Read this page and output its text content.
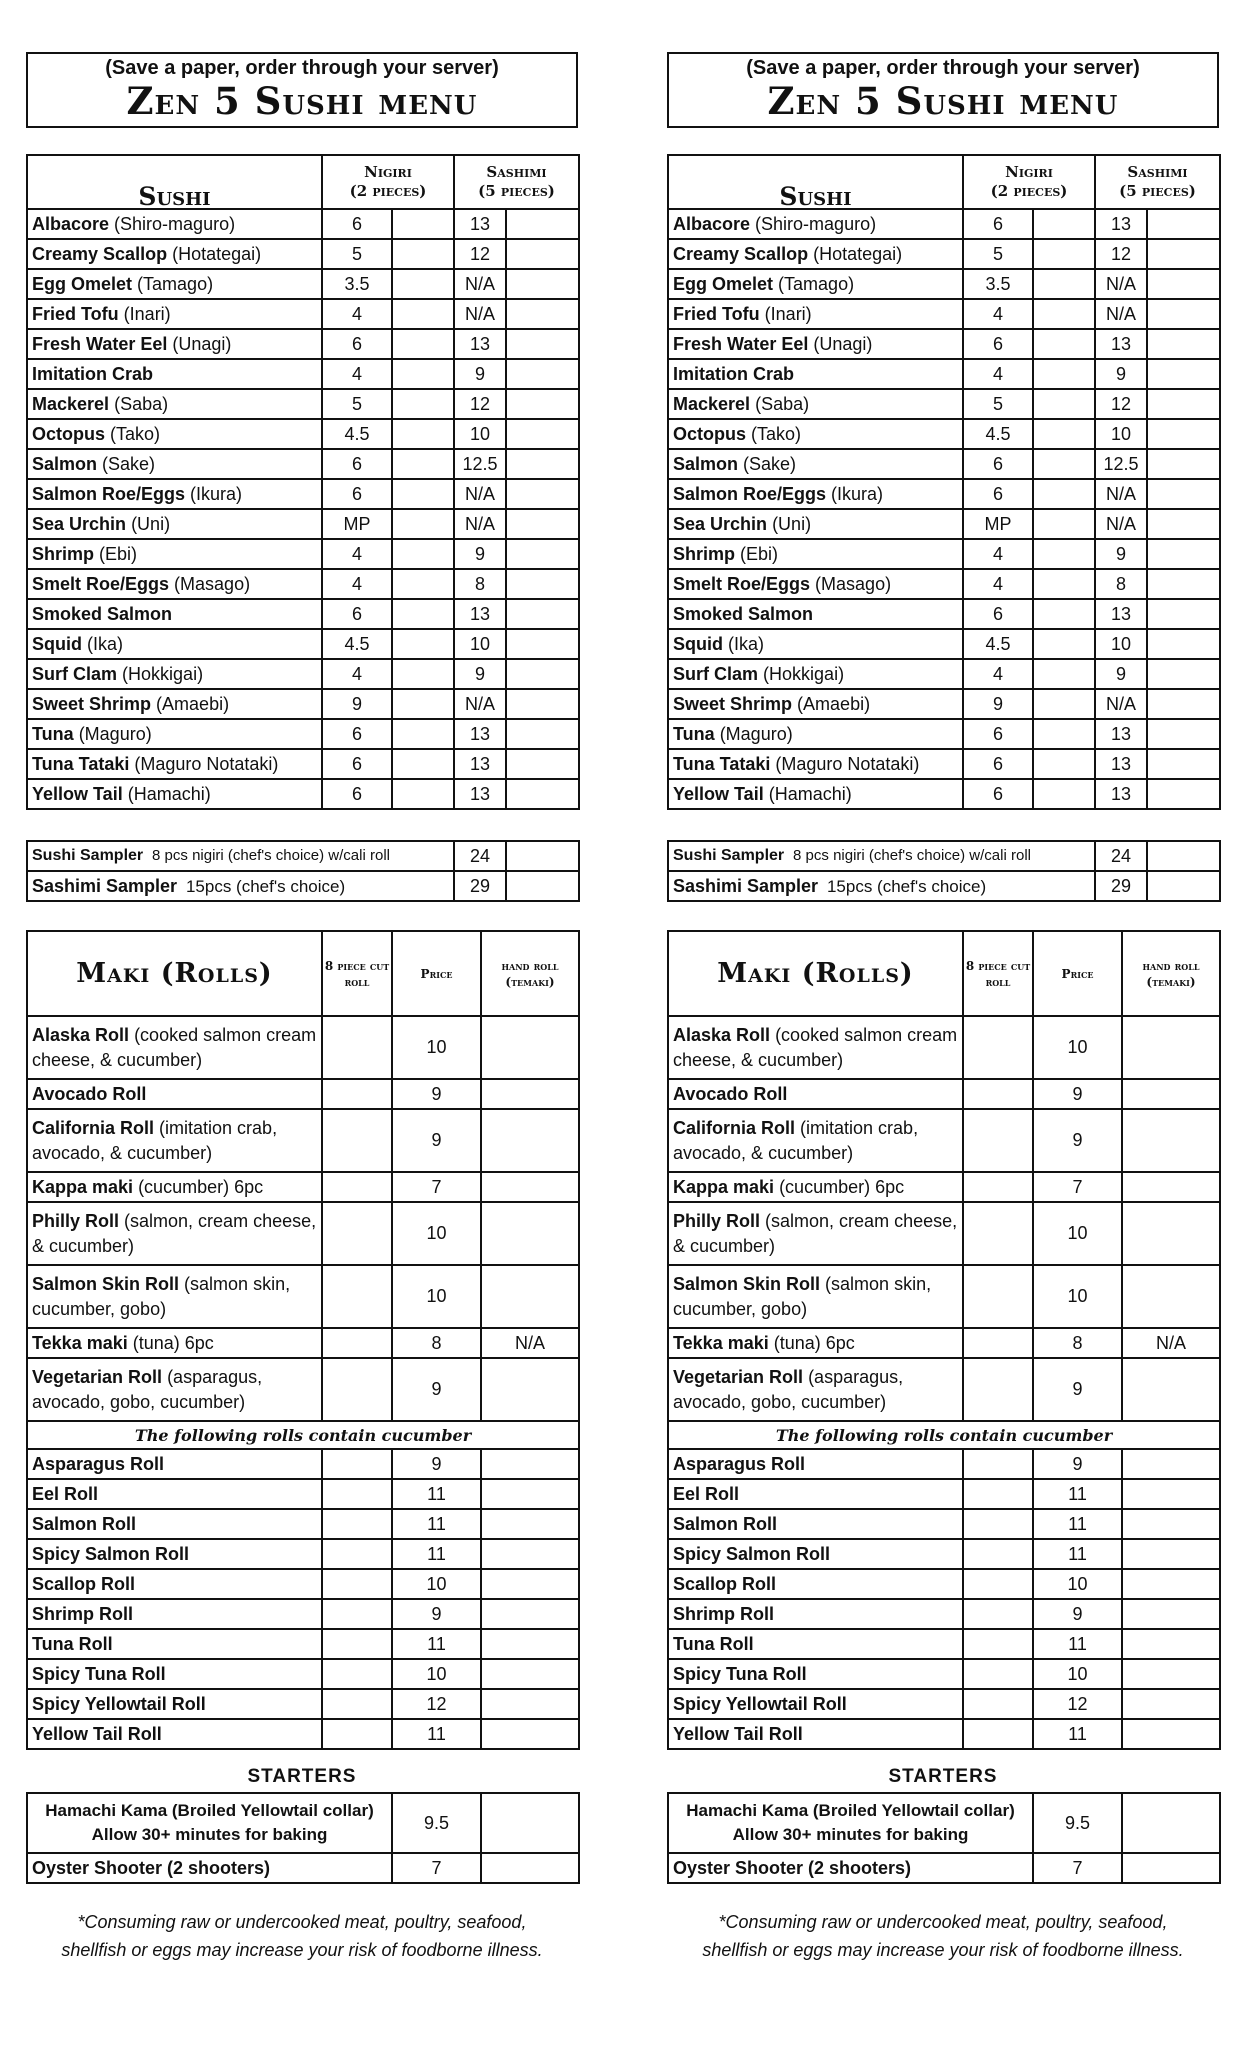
(Save a paper, order through your server)
Zen 5 Sushi menu
Sushi	Nigiri
(2 pieces)		Sashimi
(5 pieces)	
Albacore (Shiro-maguro)	6		13	
Creamy Scallop (Hotategai)	5		12	
Egg Omelet (Tamago)	3.5		N/A	
Fried Tofu (Inari)	4		N/A	
Fresh Water Eel (Unagi)	6		13	
Imitation Crab	4		9	
Mackerel (Saba)	5		12	
Octopus (Tako)	4.5		10	
Salmon (Sake)	6		12.5	
Salmon Roe/Eggs (Ikura)	6		N/A	
Sea Urchin (Uni)	MP		N/A	
Shrimp (Ebi)	4		9	
Smelt Roe/Eggs (Masago)	4		8	
Smoked Salmon	6		13	
Squid (Ika)	4.5		10	
Surf Clam (Hokkigai)	4		9	
Sweet Shrimp (Amaebi)	9		N/A	
Tuna (Maguro)	6		13	
Tuna Tataki (Maguro Notataki)	6		13	
Yellow Tail (Hamachi)	6		13	
Sushi Sampler 8 pcs nigiri (chef's choice) w/cali roll	24	
Sashimi Sampler 15pcs (chef's choice)	29	
Maki (Rolls)	8 piece cut roll	Price	hand roll (temaki)
Alaska Roll (cooked salmon cream cheese, & cucumber)		10	
Avocado Roll		9	
California Roll (imitation crab, avocado, & cucumber)		9	
Kappa maki (cucumber) 6pc		7	
Philly Roll (salmon, cream cheese, & cucumber)		10	
Salmon Skin Roll (salmon skin, cucumber, gobo)		10	
Tekka maki (tuna) 6pc		8	N/A
Vegetarian Roll (asparagus, avocado, gobo, cucumber)		9	
The following rolls contain cucumber			
Asparagus Roll		9	
Eel Roll		11	
Salmon Roll		11	
Spicy Salmon Roll		11	
Scallop Roll		10	
Shrimp Roll		9	
Tuna Roll		11	
Spicy Tuna Roll		10	
Spicy Yellowtail Roll		12	
Yellow Tail Roll		11	
STARTERS
Hamachi Kama (Broiled Yellowtail collar)
Allow 30+ minutes for baking	9.5	
Oyster Shooter (2 shooters)	7	
*Consuming raw or undercooked meat, poultry, seafood,
shellfish or eggs may increase your risk of foodborne illness.
(Save a paper, order through your server)
Zen 5 Sushi menu
Sushi	Nigiri
(2 pieces)		Sashimi
(5 pieces)	
Albacore (Shiro-maguro)	6		13	
Creamy Scallop (Hotategai)	5		12	
Egg Omelet (Tamago)	3.5		N/A	
Fried Tofu (Inari)	4		N/A	
Fresh Water Eel (Unagi)	6		13	
Imitation Crab	4		9	
Mackerel (Saba)	5		12	
Octopus (Tako)	4.5		10	
Salmon (Sake)	6		12.5	
Salmon Roe/Eggs (Ikura)	6		N/A	
Sea Urchin (Uni)	MP		N/A	
Shrimp (Ebi)	4		9	
Smelt Roe/Eggs (Masago)	4		8	
Smoked Salmon	6		13	
Squid (Ika)	4.5		10	
Surf Clam (Hokkigai)	4		9	
Sweet Shrimp (Amaebi)	9		N/A	
Tuna (Maguro)	6		13	
Tuna Tataki (Maguro Notataki)	6		13	
Yellow Tail (Hamachi)	6		13	
Sushi Sampler 8 pcs nigiri (chef's choice) w/cali roll	24	
Sashimi Sampler 15pcs (chef's choice)	29	
Maki (Rolls)	8 piece cut roll	Price	hand roll (temaki)
Alaska Roll (cooked salmon cream cheese, & cucumber)		10	
Avocado Roll		9	
California Roll (imitation crab, avocado, & cucumber)		9	
Kappa maki (cucumber) 6pc		7	
Philly Roll (salmon, cream cheese, & cucumber)		10	
Salmon Skin Roll (salmon skin, cucumber, gobo)		10	
Tekka maki (tuna) 6pc		8	N/A
Vegetarian Roll (asparagus, avocado, gobo, cucumber)		9	
The following rolls contain cucumber			
Asparagus Roll		9	
Eel Roll		11	
Salmon Roll		11	
Spicy Salmon Roll		11	
Scallop Roll		10	
Shrimp Roll		9	
Tuna Roll		11	
Spicy Tuna Roll		10	
Spicy Yellowtail Roll		12	
Yellow Tail Roll		11	
STARTERS
Hamachi Kama (Broiled Yellowtail collar)
Allow 30+ minutes for baking	9.5	
Oyster Shooter (2 shooters)	7	
*Consuming raw or undercooked meat, poultry, seafood,
shellfish or eggs may increase your risk of foodborne illness.
